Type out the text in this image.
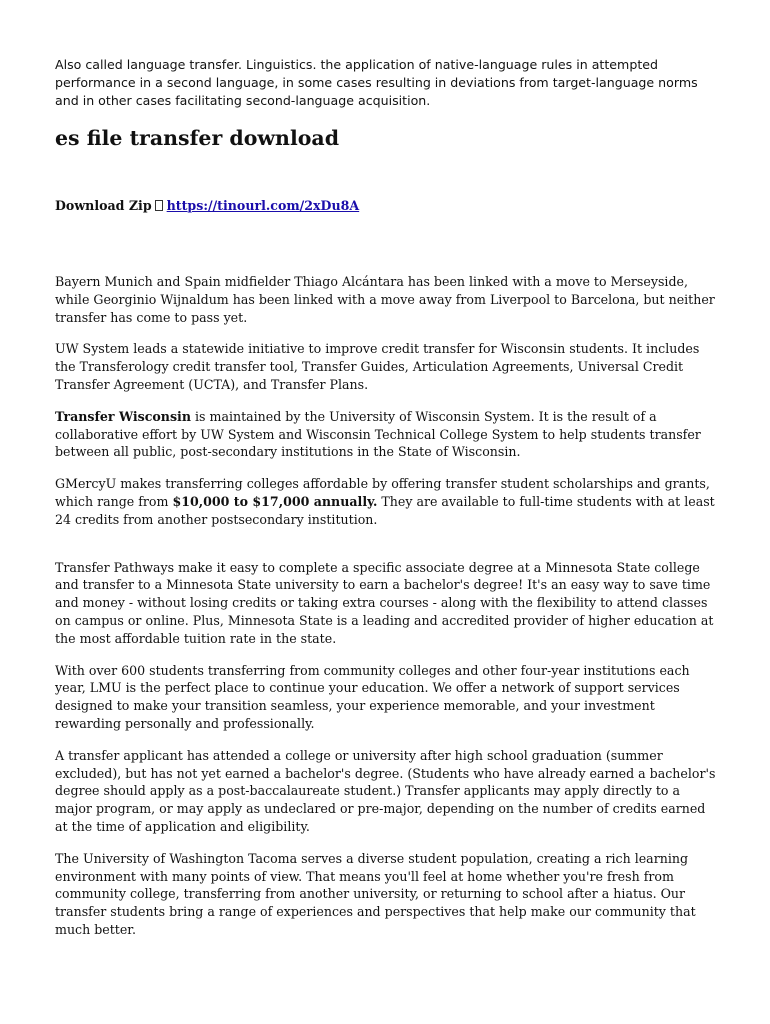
Also called language transfer. Linguistics. the application of native-language rules in attempted performance in a second language, in some cases resulting in deviations from target-language norms and in other cases facilitating second-language acquisition.

es file transfer download

Download Zip https://tinourl.com/2xDu8A

Bayern Munich and Spain midfielder Thiago Alcántara has been linked with a move to Merseyside, while Georginio Wijnaldum has been linked with a move away from Liverpool to Barcelona, but neither transfer has come to pass yet.

UW System leads a statewide initiative to improve credit transfer for Wisconsin students. It includes the Transferology credit transfer tool, Transfer Guides, Articulation Agreements, Universal Credit Transfer Agreement (UCTA), and Transfer Plans.

Transfer Wisconsin is maintained by the University of Wisconsin System. It is the result of a collaborative effort by UW System and Wisconsin Technical College System to help students transfer between all public, post-secondary institutions in the State of Wisconsin.

GMercyU makes transferring colleges affordable by offering transfer student scholarships and grants, which range from $10,000 to $17,000 annually. They are available to full-time students with at least 24 credits from another postsecondary institution.

Transfer Pathways make it easy to complete a specific associate degree at a Minnesota State college and transfer to a Minnesota State university to earn a bachelor's degree! It's an easy way to save time and money - without losing credits or taking extra courses - along with the flexibility to attend classes on campus or online. Plus, Minnesota State is a leading and accredited provider of higher education at the most affordable tuition rate in the state.

With over 600 students transferring from community colleges and other four-year institutions each year, LMU is the perfect place to continue your education. We offer a network of support services designed to make your transition seamless, your experience memorable, and your investment rewarding personally and professionally.

A transfer applicant has attended a college or university after high school graduation (summer excluded), but has not yet earned a bachelor's degree. (Students who have already earned a bachelor's degree should apply as a post-baccalaureate student.) Transfer applicants may apply directly to a major program, or may apply as undeclared or pre-major, depending on the number of credits earned at the time of application and eligibility.

The University of Washington Tacoma serves a diverse student population, creating a rich learning environment with many points of view. That means you'll feel at home whether you're fresh from community college, transferring from another university, or returning to school after a hiatus. Our transfer students bring a range of experiences and perspectives that help make our community that much better.
